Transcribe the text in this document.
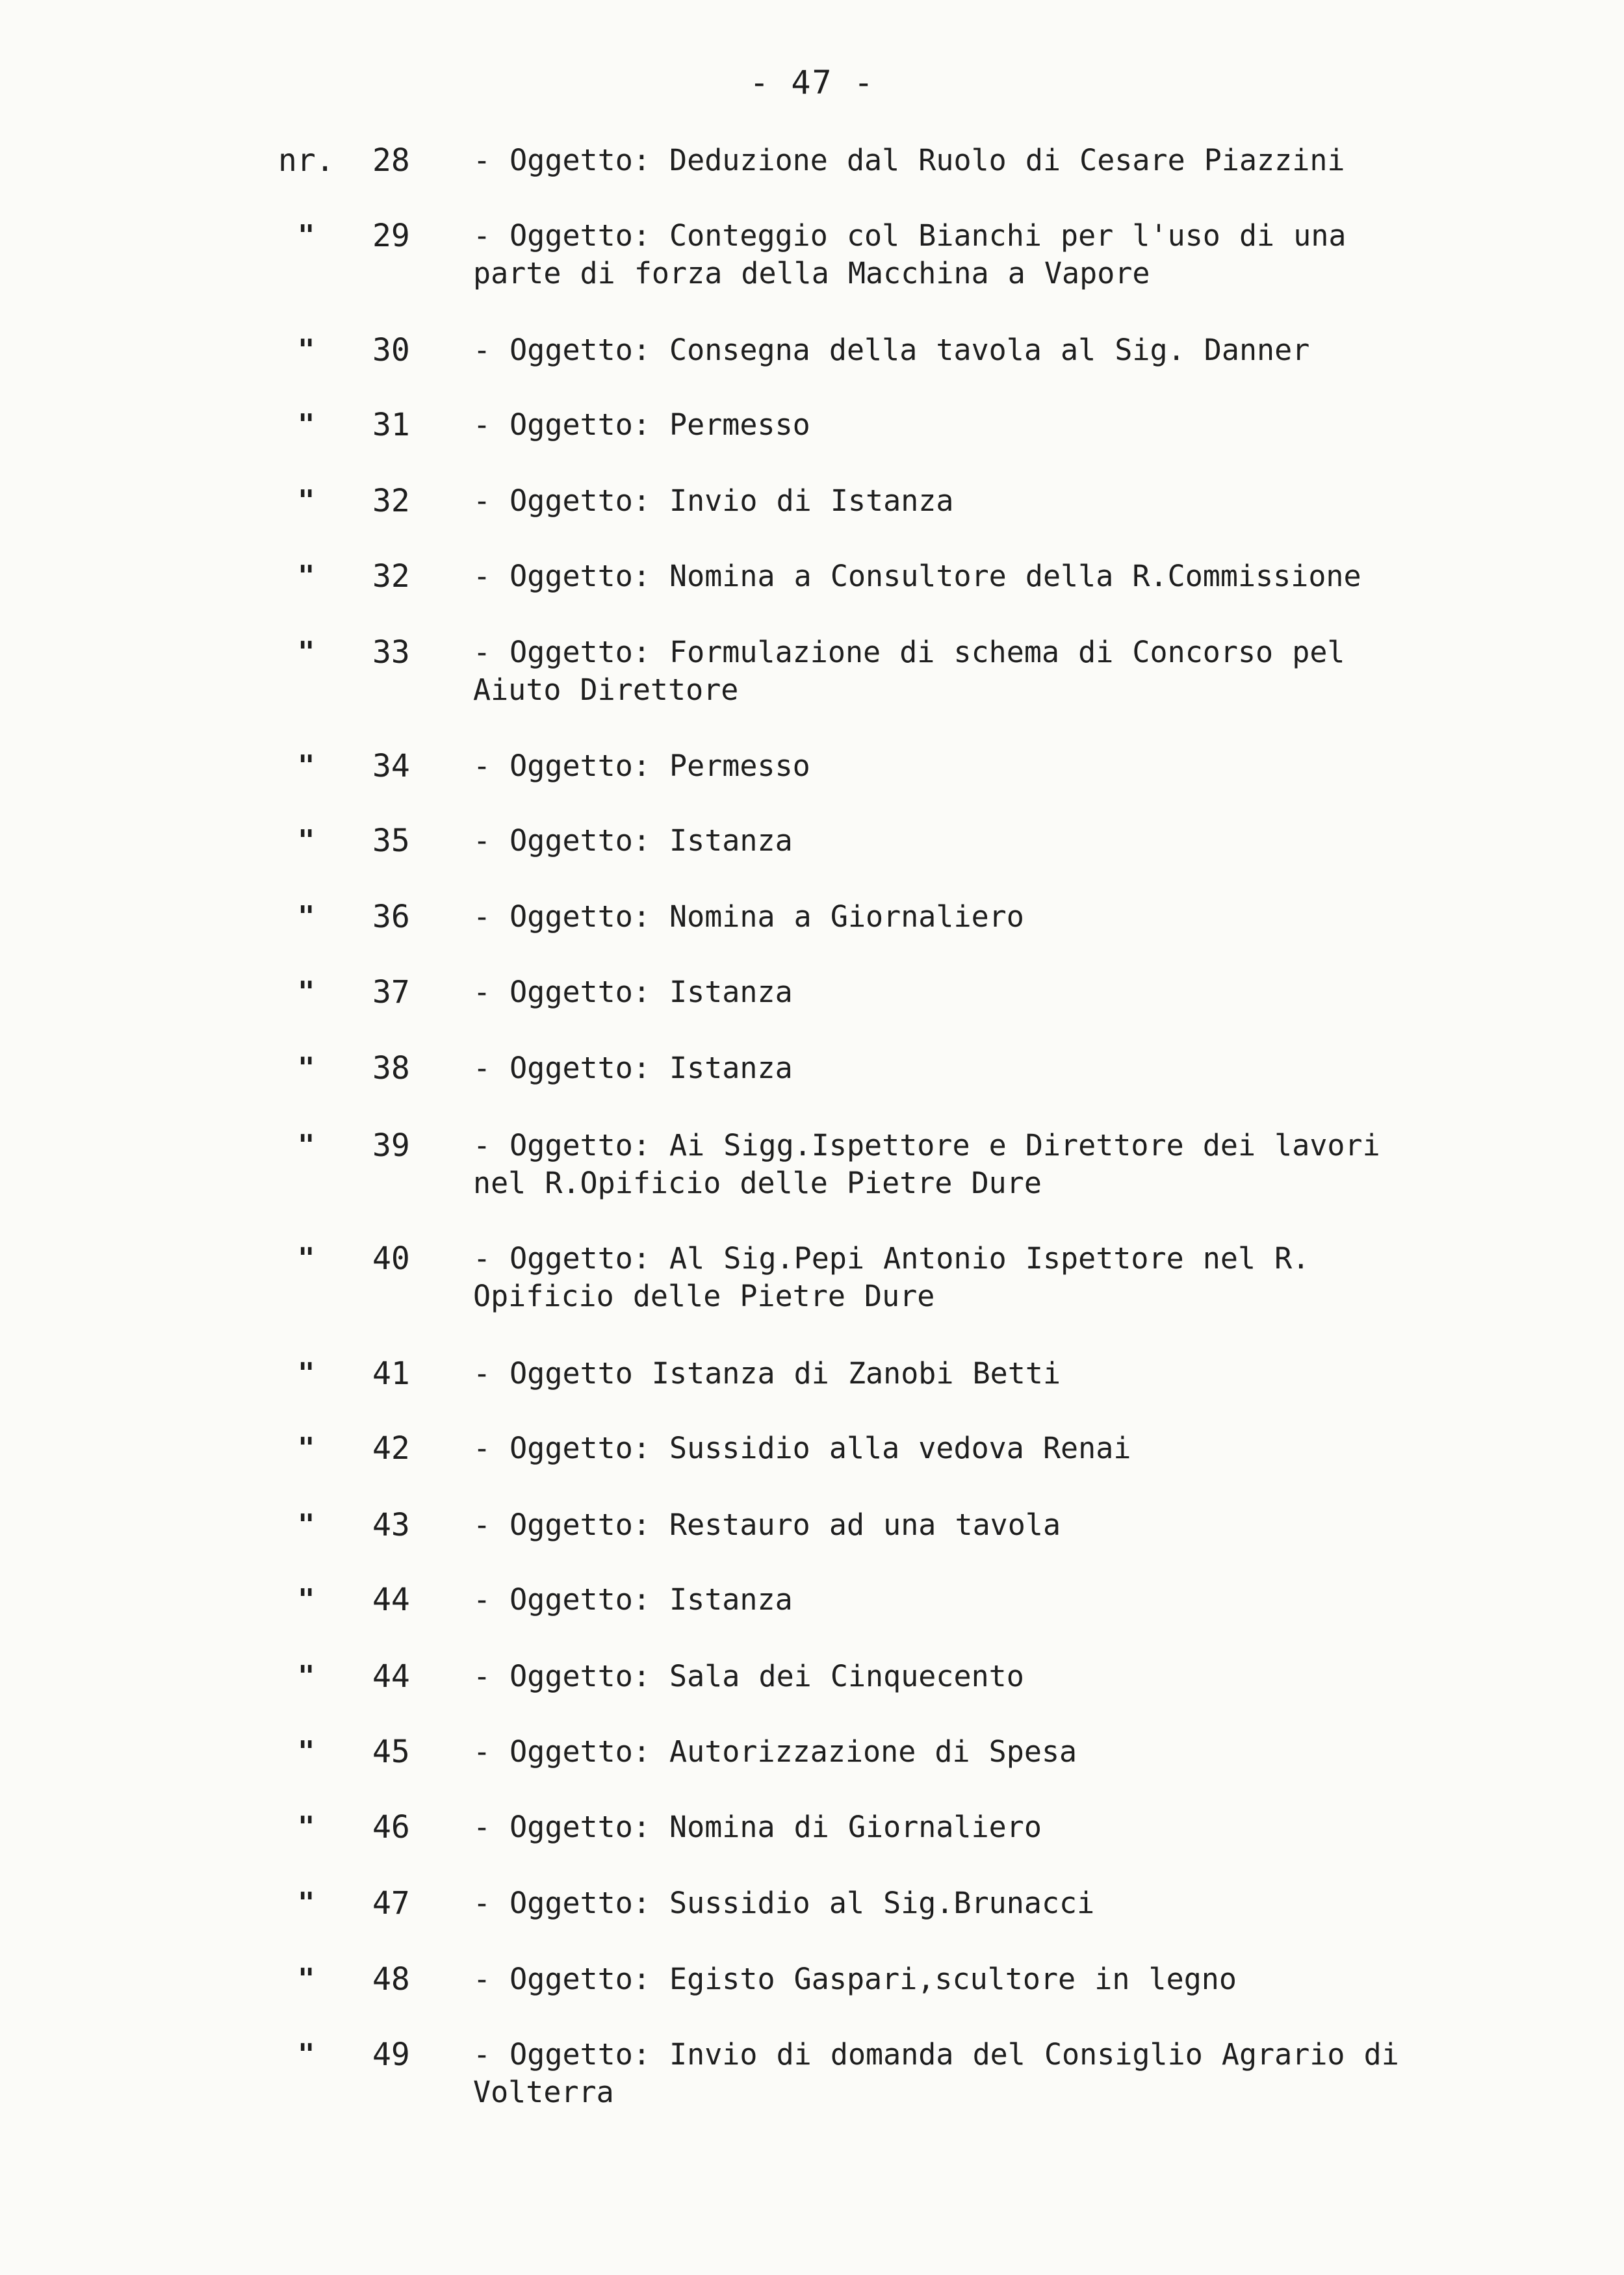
- 47 -
nr. 28 - Oggetto: Deduzione dal Ruolo di Cesare Piazzini
" 29 - Oggetto: Conteggio col Bianchi per l'uso di una
parte di forza della Macchina a Vapore
" 30 - Oggetto: Consegna della tavola al Sig. Danner
" 31 - Oggetto: Permesso
" 32 - Oggetto: Invio di Istanza
" 32 - Oggetto: Nomina a Consultore della R.Commissione
" 33 - Oggetto: Formulazione di schema di Concorso pel
Aiuto Direttore
" 34 - Oggetto: Permesso
" 35 - Oggetto: Istanza
" 36 - Oggetto: Nomina a Giornaliero
" 37 - Oggetto: Istanza
" 38 - Oggetto: Istanza
" 39 - Oggetto: Ai Sigg.Ispettore e Direttore dei lavori
nel R.Opificio delle Pietre Dure
" 40 - Oggetto: Al Sig.Pepi Antonio Ispettore nel R.
Opificio delle Pietre Dure
" 41 - Oggetto Istanza di Zanobi Betti
" 42 - Oggetto: Sussidio alla vedova Renai
" 43 - Oggetto: Restauro ad una tavola
" 44 - Oggetto: Istanza
" 44 - Oggetto: Sala dei Cinquecento
" 45 - Oggetto: Autorizzazione di Spesa
" 46 - Oggetto: Nomina di Giornaliero
" 47 - Oggetto: Sussidio al Sig.Brunacci
" 48 - Oggetto: Egisto Gaspari,scultore in legno
" 49 - Oggetto: Invio di domanda del Consiglio Agrario di
Volterra
